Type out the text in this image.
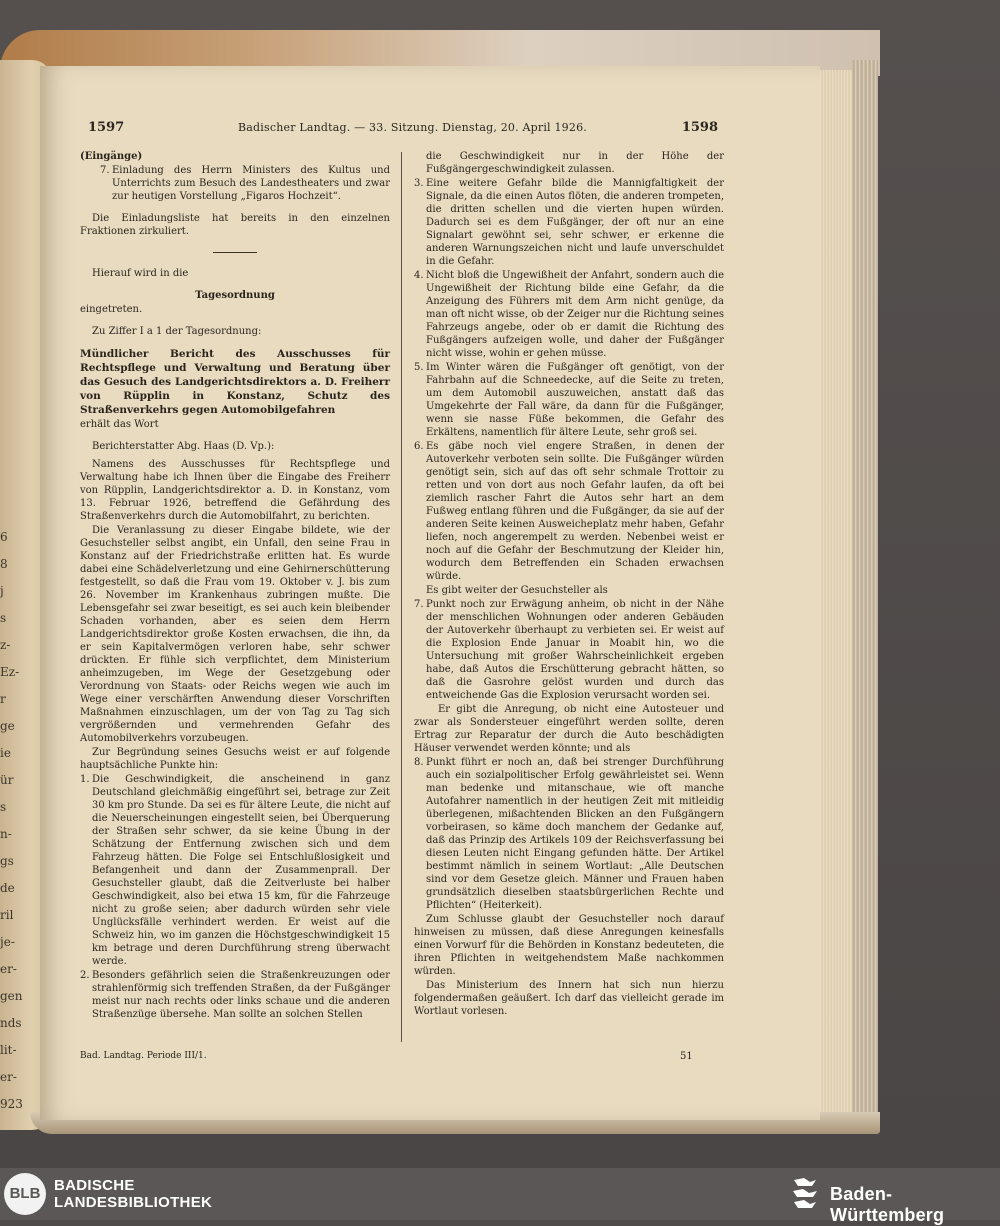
6
8
j
s
z-
Ez-
r
ge
ie
ür
s
n-
gs
de
ril
je-
er-
gen
nds
lit-
er-
923
1597	Badischer Landtag. — 33. Sitzung. Dienstag, 20. April 1926.	1598

(Eingänge)

7. Einladung des Herrn Ministers des Kultus und Unterrichts zum Besuch des Landestheaters und zwar zur heutigen Vorstellung „Figaros Hochzeit“.

Die Einladungsliste hat bereits in den einzelnen Fraktionen zirkuliert.

Hierauf wird in die

Tagesordnung

eingetreten.

Zu Ziffer I a 1 der Tagesordnung:

Mündlicher Bericht des Ausschusses für Rechtspflege und Verwaltung und Beratung über das Gesuch des Landgerichtsdirektors a. D. Freiherr von Rüpplin in Konstanz, Schutz des Straßenverkehrs gegen Automobilgefahren

erhält das Wort

Berichterstatter Abg. Haas (D. Vp.):

Namens des Ausschusses für Rechtspflege und Verwaltung habe ich Ihnen über die Eingabe des Freiherr von Rüpplin, Landgerichtsdirektor a. D. in Konstanz, vom 13. Februar 1926, betreffend die Gefährdung des Straßenverkehrs durch die Automobilfahrt, zu berichten.

Die Veranlassung zu dieser Eingabe bildete, wie der Gesuchsteller selbst angibt, ein Unfall, den seine Frau in Konstanz auf der Friedrichstraße erlitten hat. Es wurde dabei eine Schädelverletzung und eine Gehirnerschütterung festgestellt, so daß die Frau vom 19. Oktober v. J. bis zum 26. November im Krankenhaus zubringen mußte. Die Lebensgefahr sei zwar beseitigt, es sei auch kein bleibender Schaden vorhanden, aber es seien dem Herrn Landgerichtsdirektor große Kosten erwachsen, die ihn, da er sein Kapitalvermögen verloren habe, sehr schwer drückten. Er fühle sich verpflichtet, dem Ministerium anheimzugeben, im Wege der Gesetzgebung oder Verordnung von Staats- oder Reichs wegen wie auch im Wege einer verschärften Anwendung dieser Vorschriften Maßnahmen einzuschlagen, um der von Tag zu Tag sich vergrößernden und vermehrenden Gefahr des Automobilverkehrs vorzubeugen.

Zur Begründung seines Gesuchs weist er auf folgende hauptsächliche Punkte hin:

1. Die Geschwindigkeit, die anscheinend in ganz Deutschland gleichmäßig eingeführt sei, betrage zur Zeit 30 km pro Stunde. Da sei es für ältere Leute, die nicht auf die Neuerscheinungen eingestellt seien, bei Überquerung der Straßen sehr schwer, da sie keine Übung in der Schätzung der Entfernung zwischen sich und dem Fahrzeug hätten. Die Folge sei Entschlußlosigkeit und Befangenheit und dann der Zusammenprall. Der Gesuchsteller glaubt, daß die Zeitverluste bei halber Geschwindigkeit, also bei etwa 15 km, für die Fahrzeuge nicht zu große seien; aber dadurch würden sehr viele Unglücksfälle verhindert werden. Er weist auf die Schweiz hin, wo im ganzen die Höchstgeschwindigkeit 15 km betrage und deren Durchführung streng überwacht werde.

2. Besonders gefährlich seien die Straßenkreuzungen oder strahlenförmig sich treffenden Straßen, da der Fußgänger meist nur nach rechts oder links schaue und die anderen Straßenzüge übersehe. Man sollte an solchen Stellen

die Geschwindigkeit nur in der Höhe der Fußgängergeschwindigkeit zulassen.

3. Eine weitere Gefahr bilde die Mannigfaltigkeit der Signale, da die einen Autos flöten, die anderen trompeten, die dritten schellen und die vierten hupen würden. Dadurch sei es dem Fußgänger, der oft nur an eine Signalart gewöhnt sei, sehr schwer, er erkenne die anderen Warnungszeichen nicht und laufe unverschuldet in die Gefahr.

4. Nicht bloß die Ungewißheit der Anfahrt, sondern auch die Ungewißheit der Richtung bilde eine Gefahr, da die Anzeigung des Führers mit dem Arm nicht genüge, da man oft nicht wisse, ob der Zeiger nur die Richtung seines Fahrzeugs angebe, oder ob er damit die Richtung des Fußgängers aufzeigen wolle, und daher der Fußgänger nicht wisse, wohin er gehen müsse.

5. Im Winter wären die Fußgänger oft genötigt, von der Fahrbahn auf die Schneedecke, auf die Seite zu treten, um dem Automobil auszuweichen, anstatt daß das Umgekehrte der Fall wäre, da dann für die Fußgänger, wenn sie nasse Füße bekommen, die Gefahr des Erkältens, namentlich für ältere Leute, sehr groß sei.

6. Es gäbe noch viel engere Straßen, in denen der Autoverkehr verboten sein sollte. Die Fußgänger würden genötigt sein, sich auf das oft sehr schmale Trottoir zu retten und von dort aus noch Gefahr laufen, da oft bei ziemlich rascher Fahrt die Autos sehr hart an dem Fußweg entlang führen und die Fußgänger, da sie auf der anderen Seite keinen Ausweicheplatz mehr haben, Gefahr liefen, noch angerempelt zu werden. Nebenbei weist er noch auf die Gefahr der Beschmutzung der Kleider hin, wodurch dem Betreffenden ein Schaden erwachsen würde.

Es gibt weiter der Gesuchsteller als

7. Punkt noch zur Erwägung anheim, ob nicht in der Nähe der menschlichen Wohnungen oder anderen Gebäuden der Autoverkehr überhaupt zu verbieten sei. Er weist auf die Explosion Ende Januar in Moabit hin, wo die Untersuchung mit großer Wahrscheinlichkeit ergeben habe, daß Autos die Erschütterung gebracht hätten, so daß die Gasrohre gelöst wurden und durch das entweichende Gas die Explosion verursacht worden sei.

Er gibt die Anregung, ob nicht eine Autosteuer und zwar als Sondersteuer eingeführt werden sollte, deren Ertrag zur Reparatur der durch die Auto beschädigten Häuser verwendet werden könnte; und als

8. Punkt führt er noch an, daß bei strenger Durchführung auch ein sozialpolitischer Erfolg gewährleistet sei. Wenn man bedenke und mitanschaue, wie oft manche Autofahrer namentlich in der heutigen Zeit mit mitleidig überlegenen, mißachtenden Blicken an den Fußgängern vorbeirasen, so käme doch manchem der Gedanke auf, daß das Prinzip des Artikels 109 der Reichsverfassung bei diesen Leuten nicht Eingang gefunden hätte. Der Artikel bestimmt nämlich in seinem Wortlaut: „Alle Deutschen sind vor dem Gesetze gleich. Männer und Frauen haben grundsätzlich dieselben staatsbürgerlichen Rechte und Pflichten“ (Heiterkeit).

Zum Schlusse glaubt der Gesuchsteller noch darauf hinweisen zu müssen, daß diese Anregungen keinesfalls einen Vorwurf für die Behörden in Konstanz bedeuteten, die ihren Pflichten in weitgehendstem Maße nachkommen würden.

Das Ministerium des Innern hat sich nun hierzu folgendermaßen geäußert. Ich darf das vielleicht gerade im Wortlaut vorlesen.

Bad. Landtag. Periode III/1.	51
BLB BADISCHE
LANDESBIBLIOTHEK	Baden-Württemberg
